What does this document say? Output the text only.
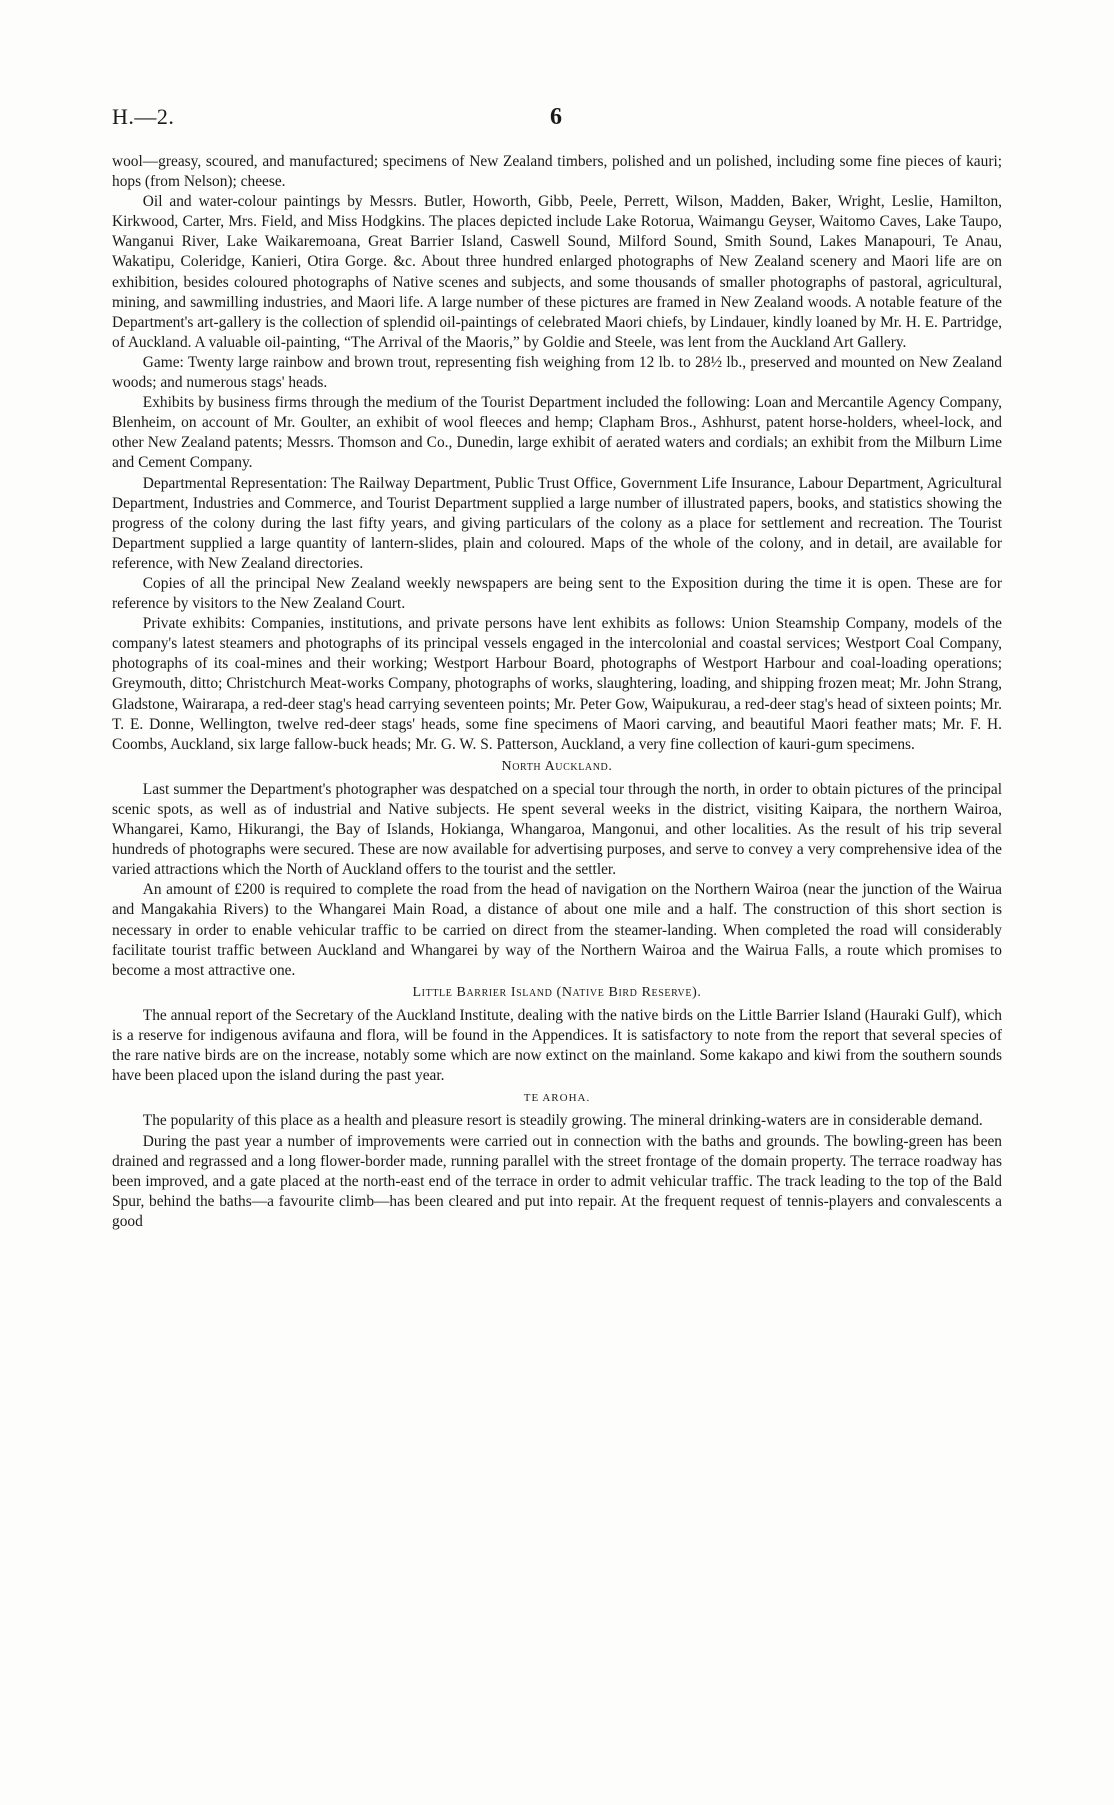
H.—2.	6

wool—greasy, scoured, and manufactured; specimens of New Zealand timbers, polished and un polished, including some fine pieces of kauri; hops (from Nelson); cheese.

Oil and water-colour paintings by Messrs. Butler, Howorth, Gibb, Peele, Perrett, Wilson, Madden, Baker, Wright, Leslie, Hamilton, Kirkwood, Carter, Mrs. Field, and Miss Hodgkins. The places depicted include Lake Rotorua, Waimangu Geyser, Waitomo Caves, Lake Taupo, Wanganui River, Lake Waikaremoana, Great Barrier Island, Caswell Sound, Milford Sound, Smith Sound, Lakes Manapouri, Te Anau, Wakatipu, Coleridge, Kanieri, Otira Gorge. &c. About three hundred enlarged photographs of New Zealand scenery and Maori life are on exhibition, besides coloured photographs of Native scenes and subjects, and some thousands of smaller photographs of pastoral, agricultural, mining, and sawmilling industries, and Maori life. A large number of these pictures are framed in New Zealand woods. A notable feature of the Department's art-gallery is the collection of splendid oil-paintings of celebrated Maori chiefs, by Lindauer, kindly loaned by Mr. H. E. Partridge, of Auckland. A valuable oil-painting, “The Arrival of the Maoris,” by Goldie and Steele, was lent from the Auckland Art Gallery.

Game: Twenty large rainbow and brown trout, representing fish weighing from 12 lb. to 28½ lb., preserved and mounted on New Zealand woods; and numerous stags' heads.

Exhibits by business firms through the medium of the Tourist Department included the following: Loan and Mercantile Agency Company, Blenheim, on account of Mr. Goulter, an exhibit of wool fleeces and hemp; Clapham Bros., Ashhurst, patent horse-holders, wheel-lock, and other New Zealand patents; Messrs. Thomson and Co., Dunedin, large exhibit of aerated waters and cordials; an exhibit from the Milburn Lime and Cement Company.

Departmental Representation: The Railway Department, Public Trust Office, Government Life Insurance, Labour Department, Agricultural Department, Industries and Commerce, and Tourist Department supplied a large number of illustrated papers, books, and statistics showing the progress of the colony during the last fifty years, and giving particulars of the colony as a place for settlement and recreation. The Tourist Department supplied a large quantity of lantern-slides, plain and coloured. Maps of the whole of the colony, and in detail, are available for reference, with New Zealand directories.

Copies of all the principal New Zealand weekly newspapers are being sent to the Exposition during the time it is open. These are for reference by visitors to the New Zealand Court.

Private exhibits: Companies, institutions, and private persons have lent exhibits as follows: Union Steamship Company, models of the company's latest steamers and photographs of its principal vessels engaged in the intercolonial and coastal services; Westport Coal Company, photographs of its coal-mines and their working; Westport Harbour Board, photographs of Westport Harbour and coal-loading operations; Greymouth, ditto; Christchurch Meat-works Company, photographs of works, slaughtering, loading, and shipping frozen meat; Mr. John Strang, Gladstone, Wairarapa, a red-deer stag's head carrying seventeen points; Mr. Peter Gow, Waipukurau, a red-deer stag's head of sixteen points; Mr. T. E. Donne, Wellington, twelve red-deer stags' heads, some fine specimens of Maori carving, and beautiful Maori feather mats; Mr. F. H. Coombs, Auckland, six large fallow-buck heads; Mr. G. W. S. Patterson, Auckland, a very fine collection of kauri-gum specimens.

North Auckland.

Last summer the Department's photographer was despatched on a special tour through the north, in order to obtain pictures of the principal scenic spots, as well as of industrial and Native subjects. He spent several weeks in the district, visiting Kaipara, the northern Wairoa, Whangarei, Kamo, Hikurangi, the Bay of Islands, Hokianga, Whangaroa, Mangonui, and other localities. As the result of his trip several hundreds of photographs were secured. These are now available for advertising purposes, and serve to convey a very comprehensive idea of the varied attractions which the North of Auckland offers to the tourist and the settler.

An amount of £200 is required to complete the road from the head of navigation on the Northern Wairoa (near the junction of the Wairua and Mangakahia Rivers) to the Whangarei Main Road, a distance of about one mile and a half. The construction of this short section is necessary in order to enable vehicular traffic to be carried on direct from the steamer-landing. When completed the road will considerably facilitate tourist traffic between Auckland and Whangarei by way of the Northern Wairoa and the Wairua Falls, a route which promises to become a most attractive one.

Little Barrier Island (Native Bird Reserve).

The annual report of the Secretary of the Auckland Institute, dealing with the native birds on the Little Barrier Island (Hauraki Gulf), which is a reserve for indigenous avifauna and flora, will be found in the Appendices. It is satisfactory to note from the report that several species of the rare native birds are on the increase, notably some which are now extinct on the mainland. Some kakapo and kiwi from the southern sounds have been placed upon the island during the past year.

TE AROHA.

The popularity of this place as a health and pleasure resort is steadily growing. The mineral drinking-waters are in considerable demand.

During the past year a number of improvements were carried out in connection with the baths and grounds. The bowling-green has been drained and regrassed and a long flower-border made, running parallel with the street frontage of the domain property. The terrace roadway has been improved, and a gate placed at the north-east end of the terrace in order to admit vehicular traffic. The track leading to the top of the Bald Spur, behind the baths—a favourite climb—has been cleared and put into repair. At the frequent request of tennis-players and convalescents a good
